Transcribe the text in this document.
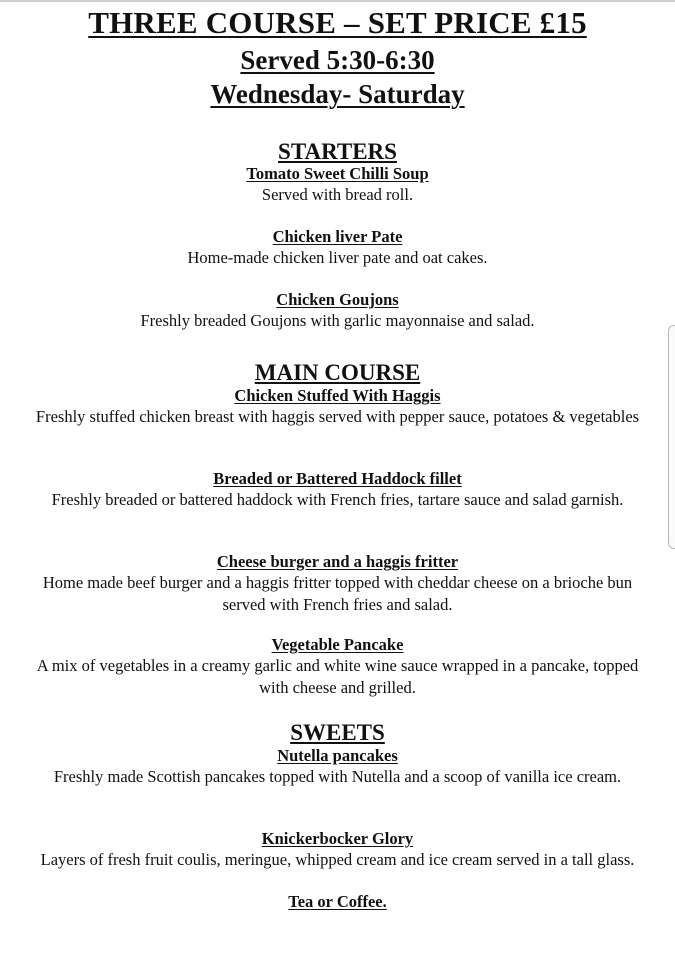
THREE COURSE – SET PRICE £15
Served 5:30-6:30
Wednesday- Saturday
STARTERS
Tomato Sweet Chilli Soup
Served with bread roll.
Chicken liver Pate
Home-made chicken liver pate and oat cakes.
Chicken Goujons
Freshly breaded Goujons with garlic mayonnaise and salad.
MAIN COURSE
Chicken Stuffed With Haggis
Freshly stuffed chicken breast with haggis served with pepper sauce, potatoes & vegetables
Breaded or Battered Haddock fillet
Freshly breaded or battered haddock with French fries, tartare sauce and salad garnish.
Cheese burger and a haggis fritter
Home made beef burger and a haggis fritter topped with cheddar cheese on a brioche bun served with French fries and salad.
Vegetable Pancake
A mix of vegetables in a creamy garlic and white wine sauce wrapped in a pancake, topped with cheese and grilled.
SWEETS
Nutella pancakes
Freshly made Scottish pancakes topped with Nutella and a scoop of vanilla ice cream.
Knickerbocker Glory
Layers of fresh fruit coulis, meringue, whipped cream and ice cream served in a tall glass.
Tea or Coffee.
